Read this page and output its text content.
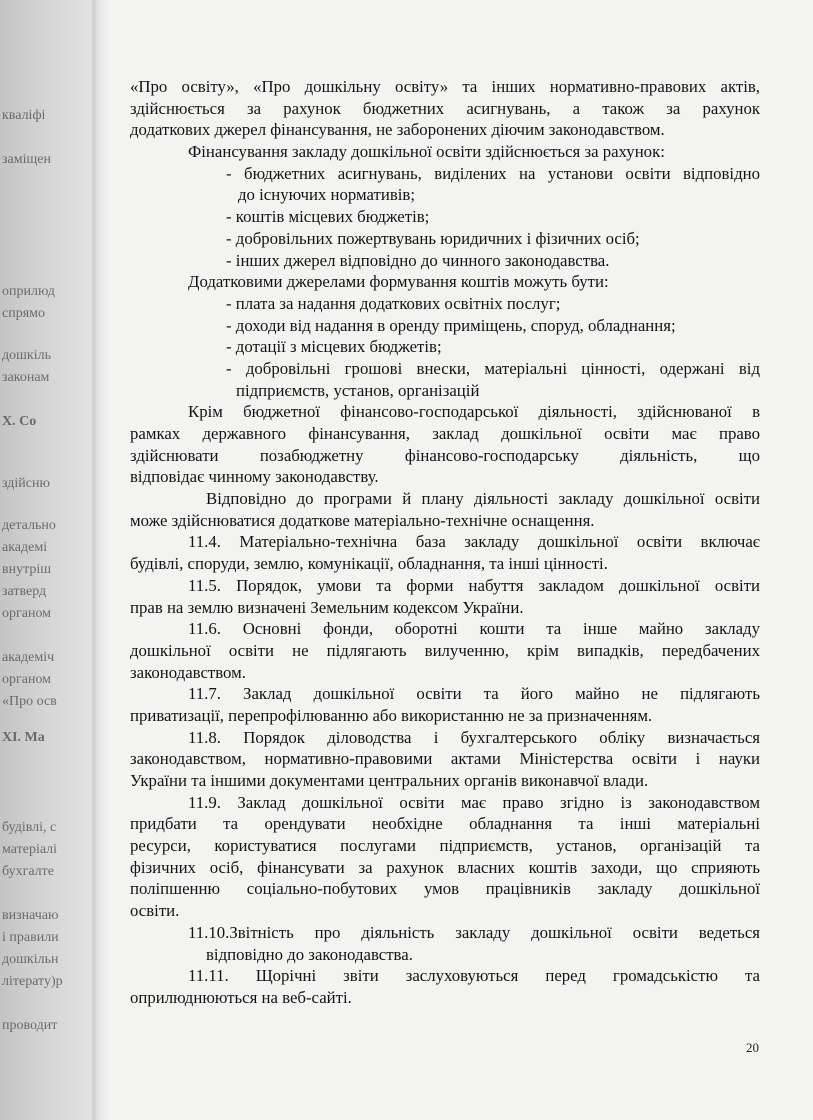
кваліфі
заміщен
оприлюд
спрямо
дошкіль
законам
X. Со
здійсню
детально
академі
внутріш
затверд
органом
академіч
органом
«Про осв
XI. Ма
будівлі, с
матеріалі
бухгалте
визначаю
і правили
дошкільн
літерату)р
проводит
«Про освіту», «Про дошкільну освіту» та інших нормативно-правових актів,
здійснюється за рахунок бюджетних асигнувань, а також за рахунок
додаткових джерел фінансування, не заборонених діючим законодавством.
Фінансування закладу дошкільної освіти здійснюється за рахунок:
- бюджетних асигнувань, виділених на установи освіти відповідно
до існуючих нормативів;
- коштів місцевих бюджетів;
- добровільних пожертвувань юридичних і фізичних осіб;
- інших джерел відповідно до чинного законодавства.
Додатковими джерелами формування коштів можуть бути:
- плата за надання додаткових освітніх послуг;
- доходи від надання в оренду приміщень, споруд, обладнання;
- дотації з місцевих бюджетів;
- добровільні грошові внески, матеріальні цінності, одержані від
підприємств, установ, організацій
Крім бюджетної фінансово-господарської діяльності, здійснюваної в
рамках державного фінансування, заклад дошкільної освіти має право
здійснювати позабюджетну фінансово-господарську діяльність, що
відповідає чинному законодавству.
Відповідно до програми й плану діяльності закладу дошкільної освіти
може здійснюватися додаткове матеріально-технічне оснащення.
11.4. Матеріально-технічна база закладу дошкільної освіти включає
будівлі, споруди, землю, комунікації, обладнання, та інші цінності.
11.5. Порядок, умови та форми набуття закладом дошкільної освіти
прав на землю визначені Земельним кодексом України.
11.6. Основні фонди, оборотні кошти та інше майно закладу
дошкільної освіти не підлягають вилученню, крім випадків, передбачених
законодавством.
11.7. Заклад дошкільної освіти та його майно не підлягають
приватизації, перепрофілюванню або використанню не за призначенням.
11.8. Порядок діловодства і бухгалтерського обліку визначається
законодавством, нормативно-правовими актами Міністерства освіти і науки
України та іншими документами центральних органів виконавчої влади.
11.9. Заклад дошкільної освіти має право згідно із законодавством
придбати та орендувати необхідне обладнання та інші матеріальні
ресурси, користуватися послугами підприємств, установ, організацій та
фізичних осіб, фінансувати за рахунок власних коштів заходи, що сприяють
поліпшенню соціально-побутових умов працівників закладу дошкільної
освіти.
11.10.Звітність про діяльність закладу дошкільної освіти ведеться
відповідно до законодавства.
11.11. Щорічні звіти заслуховуються перед громадськістю та
оприлюднюються на веб-сайті.
20
